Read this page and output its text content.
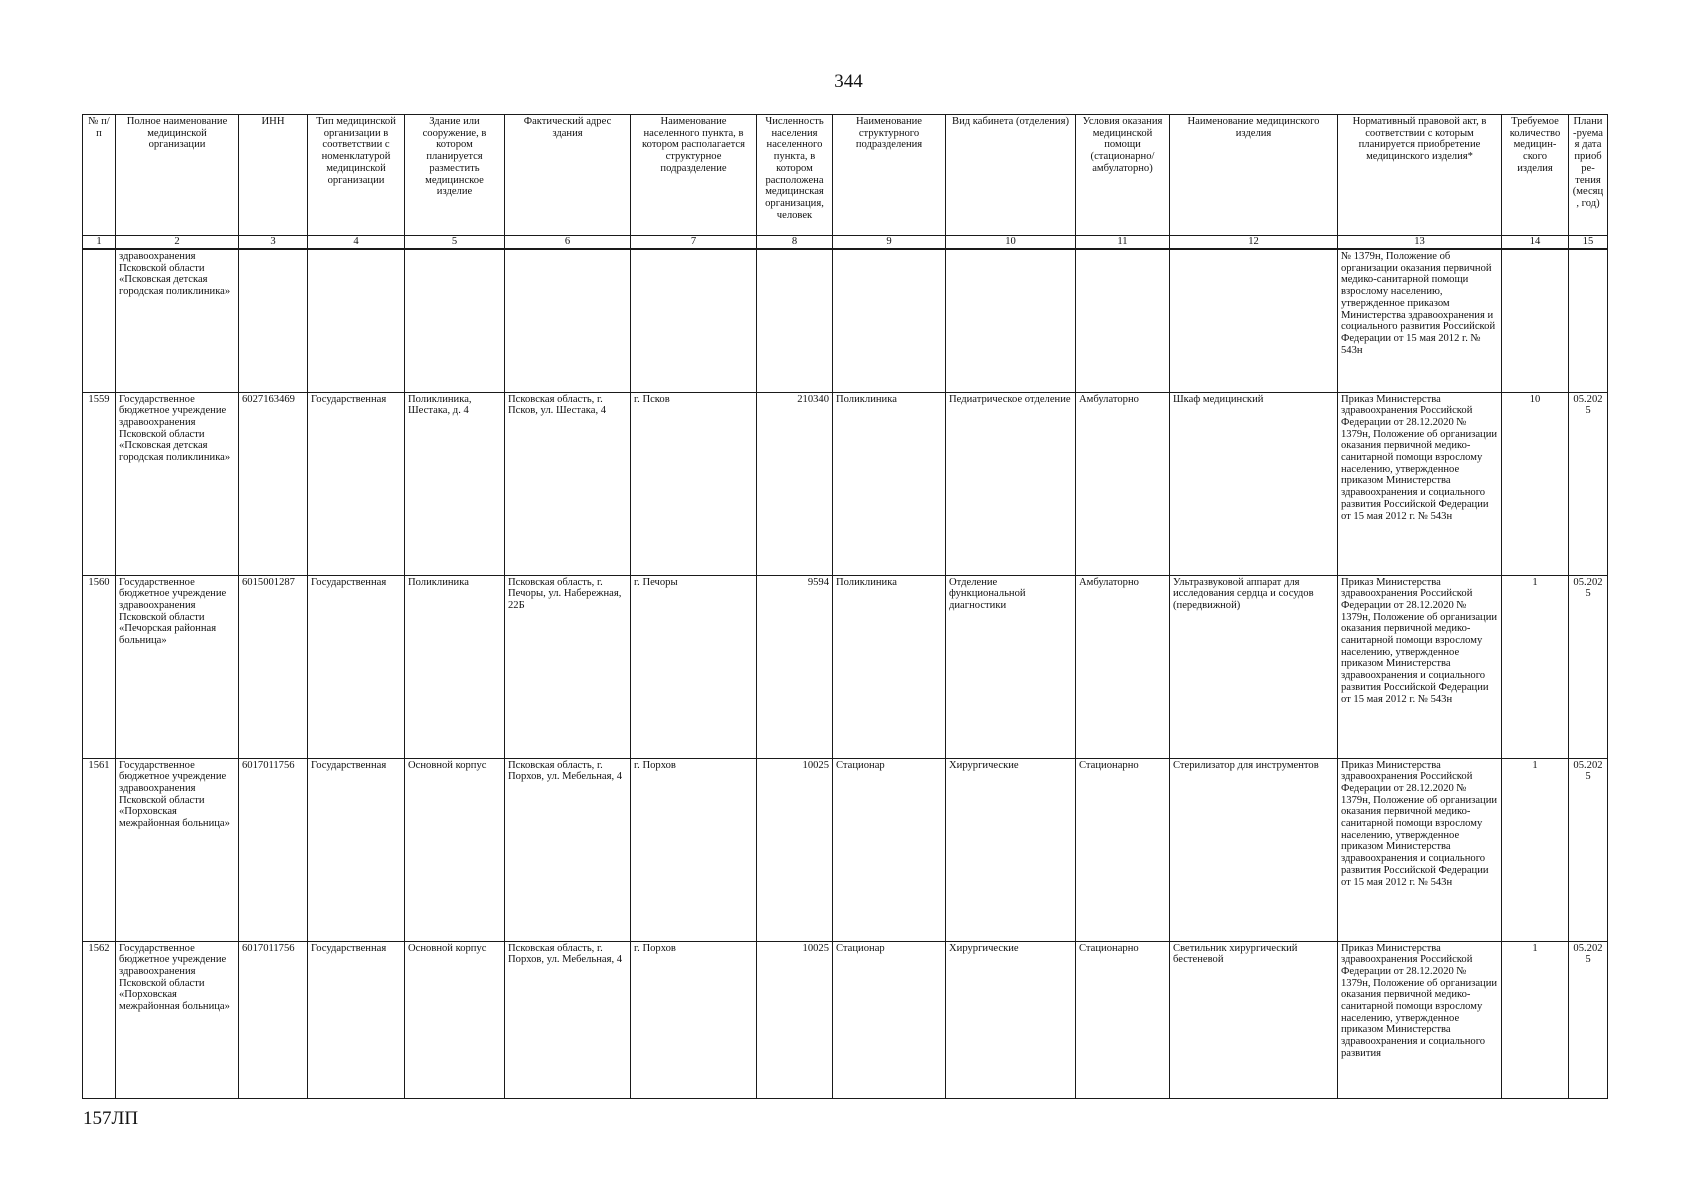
344
№ п/п	Полное наименование медицинской организации	ИНН	Тип медицинской организации в соответствии с номенклатурой медицинской организации	Здание или сооружение, в котором планируется разместить медицинское изделие	Фактический адрес здания	Наименование населенного пункта, в котором располагается структурное подразделение	Численность населения населенного пункта, в котором расположена медицинская организация, человек	Наименование структурного подразделения	Вид кабинета (отделения)	Условия оказания медицинской помощи (стационарно/ амбулаторно)	Наименование медицинского изделия	Нормативный правовой акт, в соответствии с которым планируется приобретение медицинского изделия*	Требуемое количество медицин-ского изделия	Плани-руемая дата приобре-тения (месяц, год)
1	2	3	4	5	6	7	8	9	10	11	12	13	14	15
	здравоохранения Псковской области «Псковская детская городская поликлиника»											№ 1379н, Положение об организации оказания первичной медико-санитарной помощи взрослому населению, утвержденное приказом Министерства здравоохранения и социального развития Российской Федерации от 15 мая 2012 г. № 543н		
1559	Государственное бюджетное учреждение здравоохранения Псковской области «Псковская детская городская поликлиника»	6027163469	Государственная	Поликлиника, Шестака, д. 4	Псковская область, г. Псков, ул. Шестака, 4	г. Псков	210340	Поликлиника	Педиатрическое отделение	Амбулаторно	Шкаф медицинский	Приказ Министерства здравоохранения Российской Федерации от 28.12.2020 № 1379н, Положение об организации оказания первичной медико-санитарной помощи взрослому населению, утвержденное приказом Министерства здравоохранения и социального развития Российской Федерации от 15 мая 2012 г. № 543н	10	05.2025
1560	Государственное бюджетное учреждение здравоохранения Псковской области «Печорская районная больница»	6015001287	Государственная	Поликлиника	Псковская область, г. Печоры, ул. Набережная, 22Б	г. Печоры	9594	Поликлиника	Отделение функциональной диагностики	Амбулаторно	Ультразвуковой аппарат для исследования сердца и сосудов (передвижной)	Приказ Министерства здравоохранения Российской Федерации от 28.12.2020 № 1379н, Положение об организации оказания первичной медико-санитарной помощи взрослому населению, утвержденное приказом Министерства здравоохранения и социального развития Российской Федерации от 15 мая 2012 г. № 543н	1	05.2025
1561	Государственное бюджетное учреждение здравоохранения Псковской области «Порховская межрайонная больница»	6017011756	Государственная	Основной корпус	Псковская область, г. Порхов, ул. Мебельная, 4	г. Порхов	10025	Стационар	Хирургические	Стационарно	Стерилизатор для инструментов	Приказ Министерства здравоохранения Российской Федерации от 28.12.2020 № 1379н, Положение об организации оказания первичной медико-санитарной помощи взрослому населению, утвержденное приказом Министерства здравоохранения и социального развития Российской Федерации от 15 мая 2012 г. № 543н	1	05.2025
1562	Государственное бюджетное учреждение здравоохранения Псковской области «Порховская межрайонная больница»	6017011756	Государственная	Основной корпус	Псковская область, г. Порхов, ул. Мебельная, 4	г. Порхов	10025	Стационар	Хирургические	Стационарно	Светильник хирургический бестеневой	Приказ Министерства здравоохранения Российской Федерации от 28.12.2020 № 1379н, Положение об организации оказания первичной медико-санитарной помощи взрослому населению, утвержденное приказом Министерства здравоохранения и социального развития	1	05.2025
157ЛП
